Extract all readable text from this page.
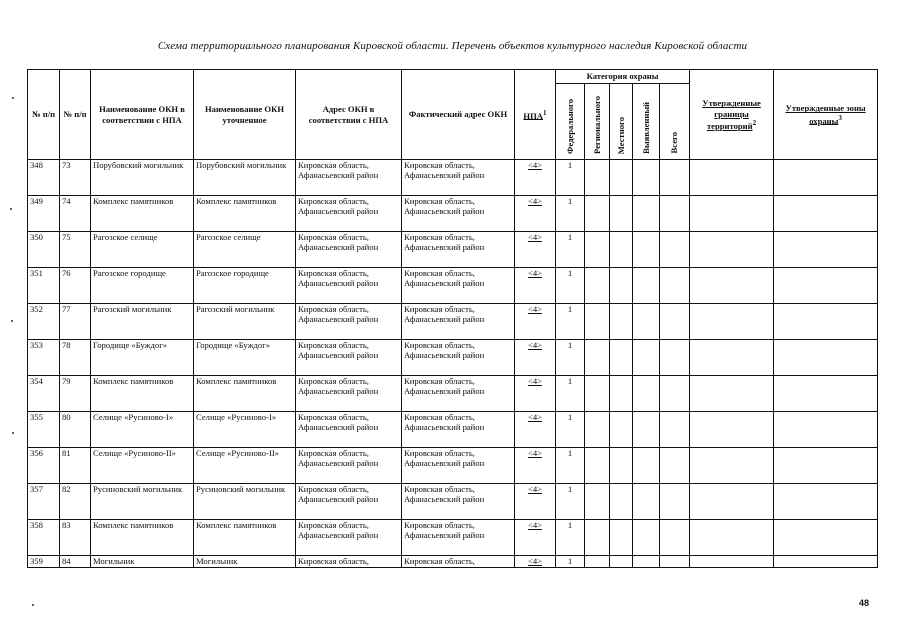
Схема территориального планирования Кировской области. Перечень объектов культурного наследия Кировской области
№ п/п	№ п/п	Наименование ОКН в соответствии с НПА	Наименование ОКН уточненное	Адрес ОКН в соответствии с НПА	Фактический адрес ОКН	НПА$^1$	Категория охраны					Утвержденные границы территорий$^2$	Утвержденные зоны охраны$^3$
							Федерального	Регионального	Местного	Выявленный	Всего		
348	73	Порубовский могильник	Порубовский могильник	Кировская область, Афанасьевский район	Кировская область, Афанасьевский район	<4>	1						
349	74	Комплекс памятников	Комплекс памятников	Кировская область, Афанасьевский район	Кировская область, Афанасьевский район	<4>	1						
350	75	Рагозское селище	Рагозское селище	Кировская область, Афанасьевский район	Кировская область, Афанасьевский район	<4>	1						
351	76	Рагозское городище	Рагозское городище	Кировская область, Афанасьевский район	Кировская область, Афанасьевский район	<4>	1						
352	77	Рагозский могильник	Рагозский могильник	Кировская область, Афанасьевский район	Кировская область, Афанасьевский район	<4>	1						
353	78	Городище «Буждог»	Городище «Буждог»	Кировская область, Афанасьевский район	Кировская область, Афанасьевский район	<4>	1						
354	79	Комплекс памятников	Комплекс памятников	Кировская область, Афанасьевский район	Кировская область, Афанасьевский район	<4>	1						
355	80	Селище «Русиново-I»	Селище «Русиново-I»	Кировская область, Афанасьевский район	Кировская область, Афанасьевский район	<4>	1						
356	81	Селище «Русиново-II»	Селище «Русиново-II»	Кировская область, Афанасьевский район	Кировская область, Афанасьевский район	<4>	1						
357	82	Русиновский могильник	Русиновский могильник	Кировская область, Афанасьевский район	Кировская область, Афанасьевский район	<4>	1						
358	83	Комплекс памятников	Комплекс памятников	Кировская область, Афанасьевский район	Кировская область, Афанасьевский район	<4>	1						
359	84	Могильник	Могильник	Кировская область,	Кировская область,	<4>	1						
48
